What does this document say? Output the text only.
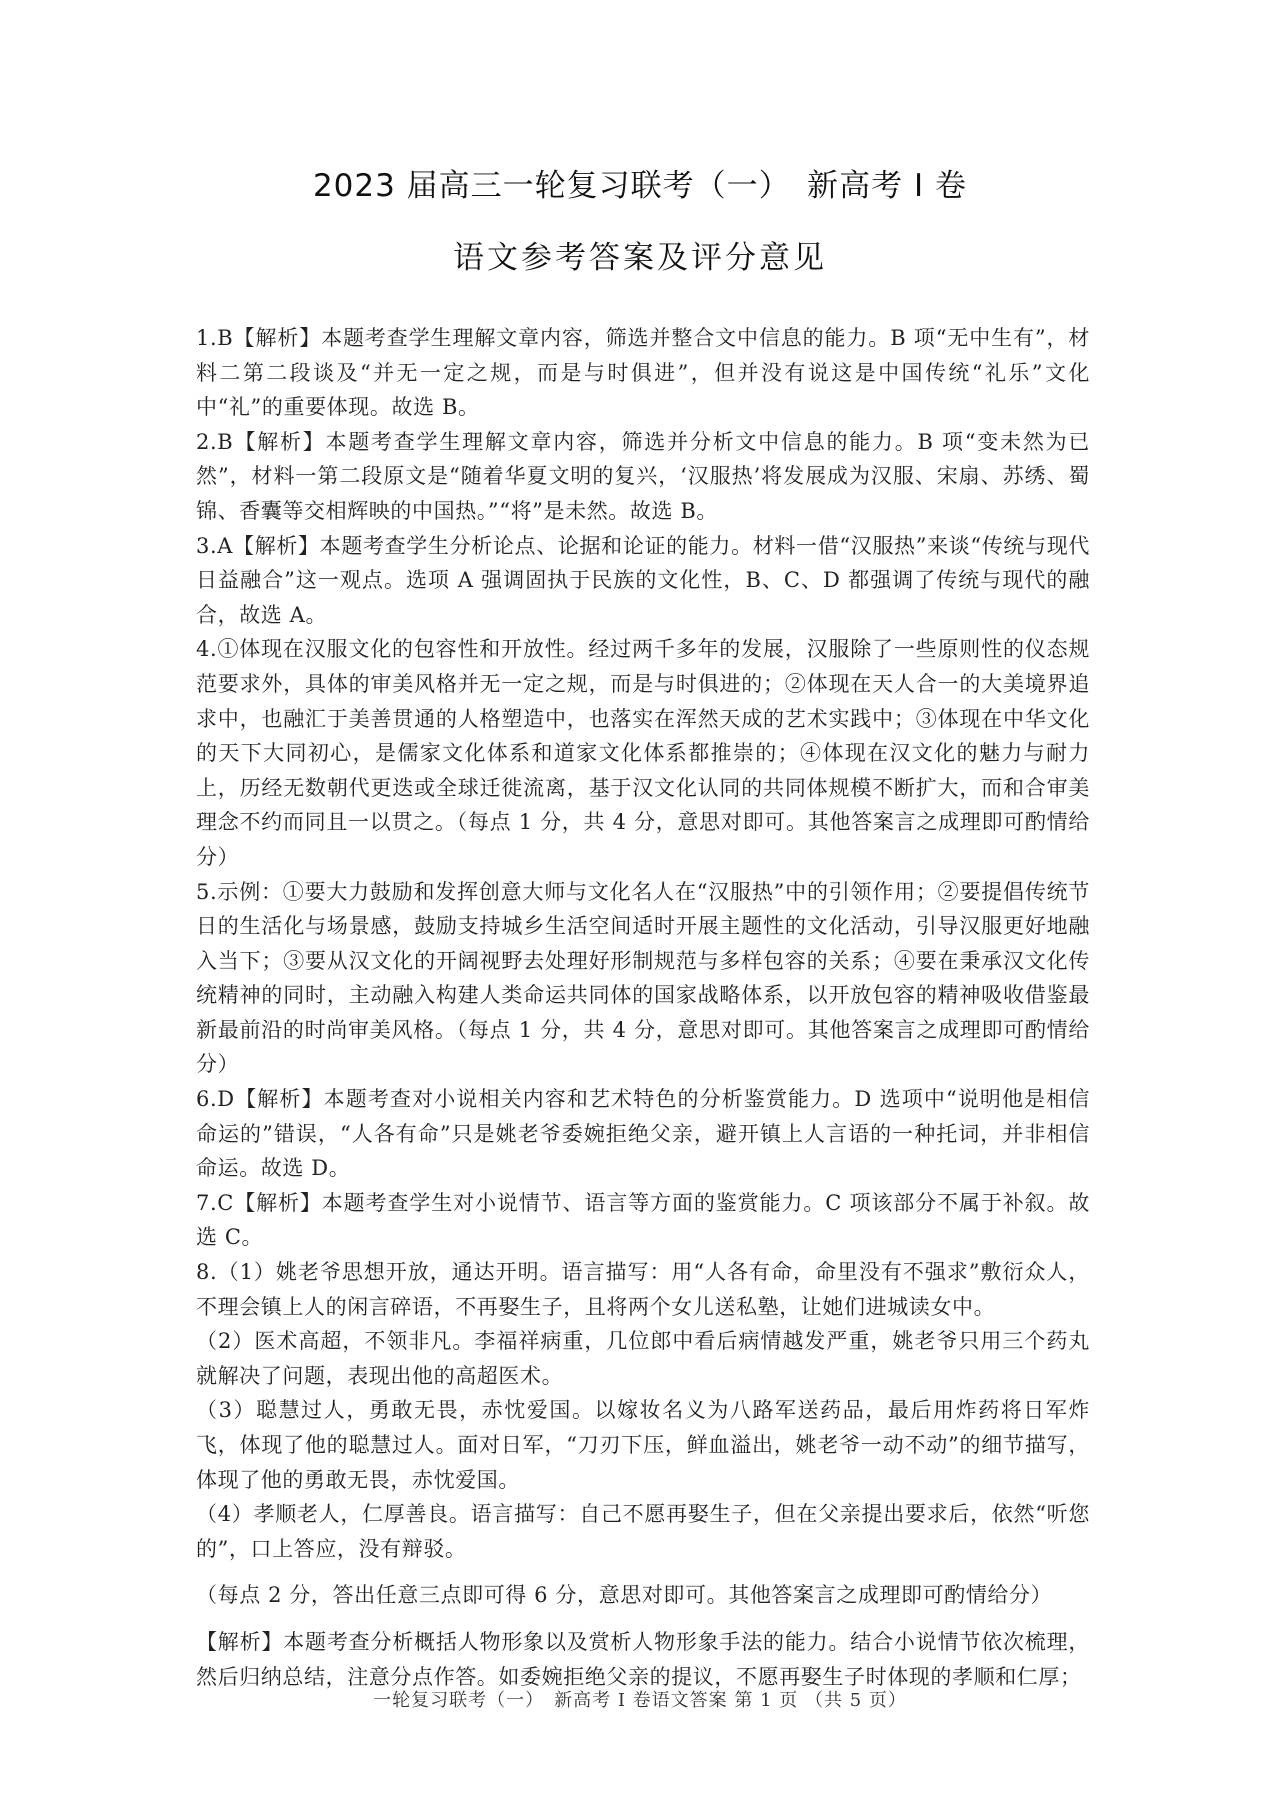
2023 届高三一轮复习联考（一）　新高考 I 卷
语文参考答案及评分意见

1.B【解析】本题考查学生理解文章内容，筛选并整合文中信息的能力。B 项“无中生有”，材料二第二段谈及“并无一定之规，而是与时俱进”，但并没有说这是中国传统“礼乐”文化中“礼”的重要体现。故选 B。

2.B【解析】本题考查学生理解文章内容，筛选并分析文中信息的能力。B 项“变未然为已然”，材料一第二段原文是“随着华夏文明的复兴，‘汉服热’将发展成为汉服、宋扇、苏绣、蜀锦、香囊等交相辉映的中国热。”“将”是未然。故选 B。

3.A【解析】本题考查学生分析论点、论据和论证的能力。材料一借“汉服热”来谈“传统与现代日益融合”这一观点。选项 A 强调固执于民族的文化性，B、C、D 都强调了传统与现代的融合，故选 A。

4.①体现在汉服文化的包容性和开放性。经过两千多年的发展，汉服除了一些原则性的仪态规范要求外，具体的审美风格并无一定之规，而是与时俱进的；②体现在天人合一的大美境界追求中，也融汇于美善贯通的人格塑造中，也落实在浑然天成的艺术实践中；③体现在中华文化的天下大同初心，是儒家文化体系和道家文化体系都推崇的；④体现在汉文化的魅力与耐力上，历经无数朝代更迭或全球迁徙流离，基于汉文化认同的共同体规模不断扩大，而和合审美理念不约而同且一以贯之。（每点 1 分，共 4 分，意思对即可。其他答案言之成理即可酌情给分）

5.示例：①要大力鼓励和发挥创意大师与文化名人在“汉服热”中的引领作用；②要提倡传统节日的生活化与场景感，鼓励支持城乡生活空间适时开展主题性的文化活动，引导汉服更好地融入当下；③要从汉文化的开阔视野去处理好形制规范与多样包容的关系；④要在秉承汉文化传统精神的同时，主动融入构建人类命运共同体的国家战略体系，以开放包容的精神吸收借鉴最新最前沿的时尚审美风格。（每点 1 分，共 4 分，意思对即可。其他答案言之成理即可酌情给分）

6.D【解析】本题考查对小说相关内容和艺术特色的分析鉴赏能力。D 选项中“说明他是相信命运的”错误，“人各有命”只是姚老爷委婉拒绝父亲，避开镇上人言语的一种托词，并非相信命运。故选 D。

7.C【解析】本题考查学生对小说情节、语言等方面的鉴赏能力。C 项该部分不属于补叙。故选 C。

8.（1）姚老爷思想开放，通达开明。语言描写：用“人各有命，命里没有不强求”敷衍众人，不理会镇上人的闲言碎语，不再娶生子，且将两个女儿送私塾，让她们进城读女中。

（2）医术高超，不领非凡。李福祥病重，几位郎中看后病情越发严重，姚老爷只用三个药丸就解决了问题，表现出他的高超医术。

（3）聪慧过人，勇敢无畏，赤忱爱国。以嫁妆名义为八路军送药品，最后用炸药将日军炸飞，体现了他的聪慧过人。面对日军，“刀刃下压，鲜血溢出，姚老爷一动不动”的细节描写，体现了他的勇敢无畏，赤忱爱国。

（4）孝顺老人，仁厚善良。语言描写：自己不愿再娶生子，但在父亲提出要求后，依然“听您的”，口上答应，没有辩驳。

（每点 2 分，答出任意三点即可得 6 分，意思对即可。其他答案言之成理即可酌情给分）

【解析】本题考查分析概括人物形象以及赏析人物形象手法的能力。结合小说情节依次梳理，然后归纳总结，注意分点作答。如委婉拒绝父亲的提议，不愿再娶生子时体现的孝顺和仁厚；

一轮复习联考（一）　新高考 I 卷语文答案 第 1 页 （共 5 页）
